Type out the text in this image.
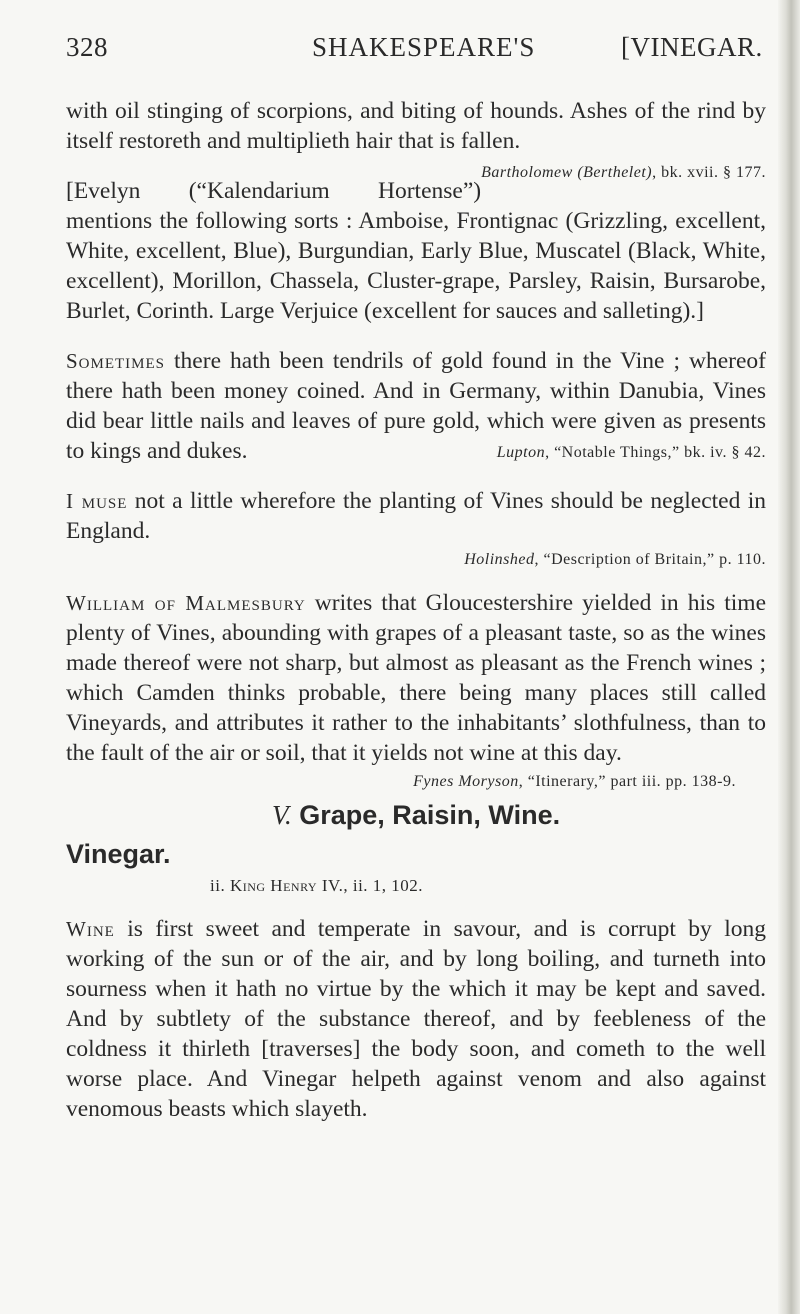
328	SHAKESPEARE'S	[VINEGAR.

with oil stinging of scorpions, and biting of hounds. Ashes of the rind by itself restoreth and multiplieth hair that is fallen.
Bartholomew (Berthelet), bk. xvii. § 177.

[Evelyn (“Kalendarium Hortense”) mentions the following sorts : Amboise, Frontignac (Grizzling, excellent, White, excellent, Blue), Burgundian, Early Blue, Muscatel (Black, White, excellent), Morillon, Chassela, Cluster-grape, Parsley, Raisin, Bursarobe, Burlet, Corinth. Large Verjuice (excellent for sauces and salleting).]

Sometimes there hath been tendrils of gold found in the Vine ; whereof there hath been money coined. And in Germany, within Danubia, Vines did bear little nails and leaves of pure gold, which were given as presents to kings and dukes.	Lupton, “Notable Things,” bk. iv. § 42.

I muse not a little wherefore the planting of Vines should be neglected in England.

Holinshed, “Description of Britain,” p. 110.

William of Malmesbury writes that Gloucestershire yielded in his time plenty of Vines, abounding with grapes of a pleasant taste, so as the wines made thereof were not sharp, but almost as pleasant as the French wines ; which Camden thinks probable, there being many places still called Vineyards, and attributes it rather to the inhabitants’ slothfulness, than to the fault of the air or soil, that it yields not wine at this day.

Fynes Moryson, “Itinerary,” part iii. pp. 138-9.

V. Grape, Raisin, Wine.
Vinegar.
ii. King Henry IV., ii. 1, 102.

Wine is first sweet and temperate in savour, and is corrupt by long working of the sun or of the air, and by long boiling, and turneth into sourness when it hath no virtue by the which it may be kept and saved. And by subtlety of the substance thereof, and by feebleness of the coldness it thirleth [traverses] the body soon, and cometh to the well worse place. And Vinegar helpeth against venom and also against venomous beasts which slayeth.
